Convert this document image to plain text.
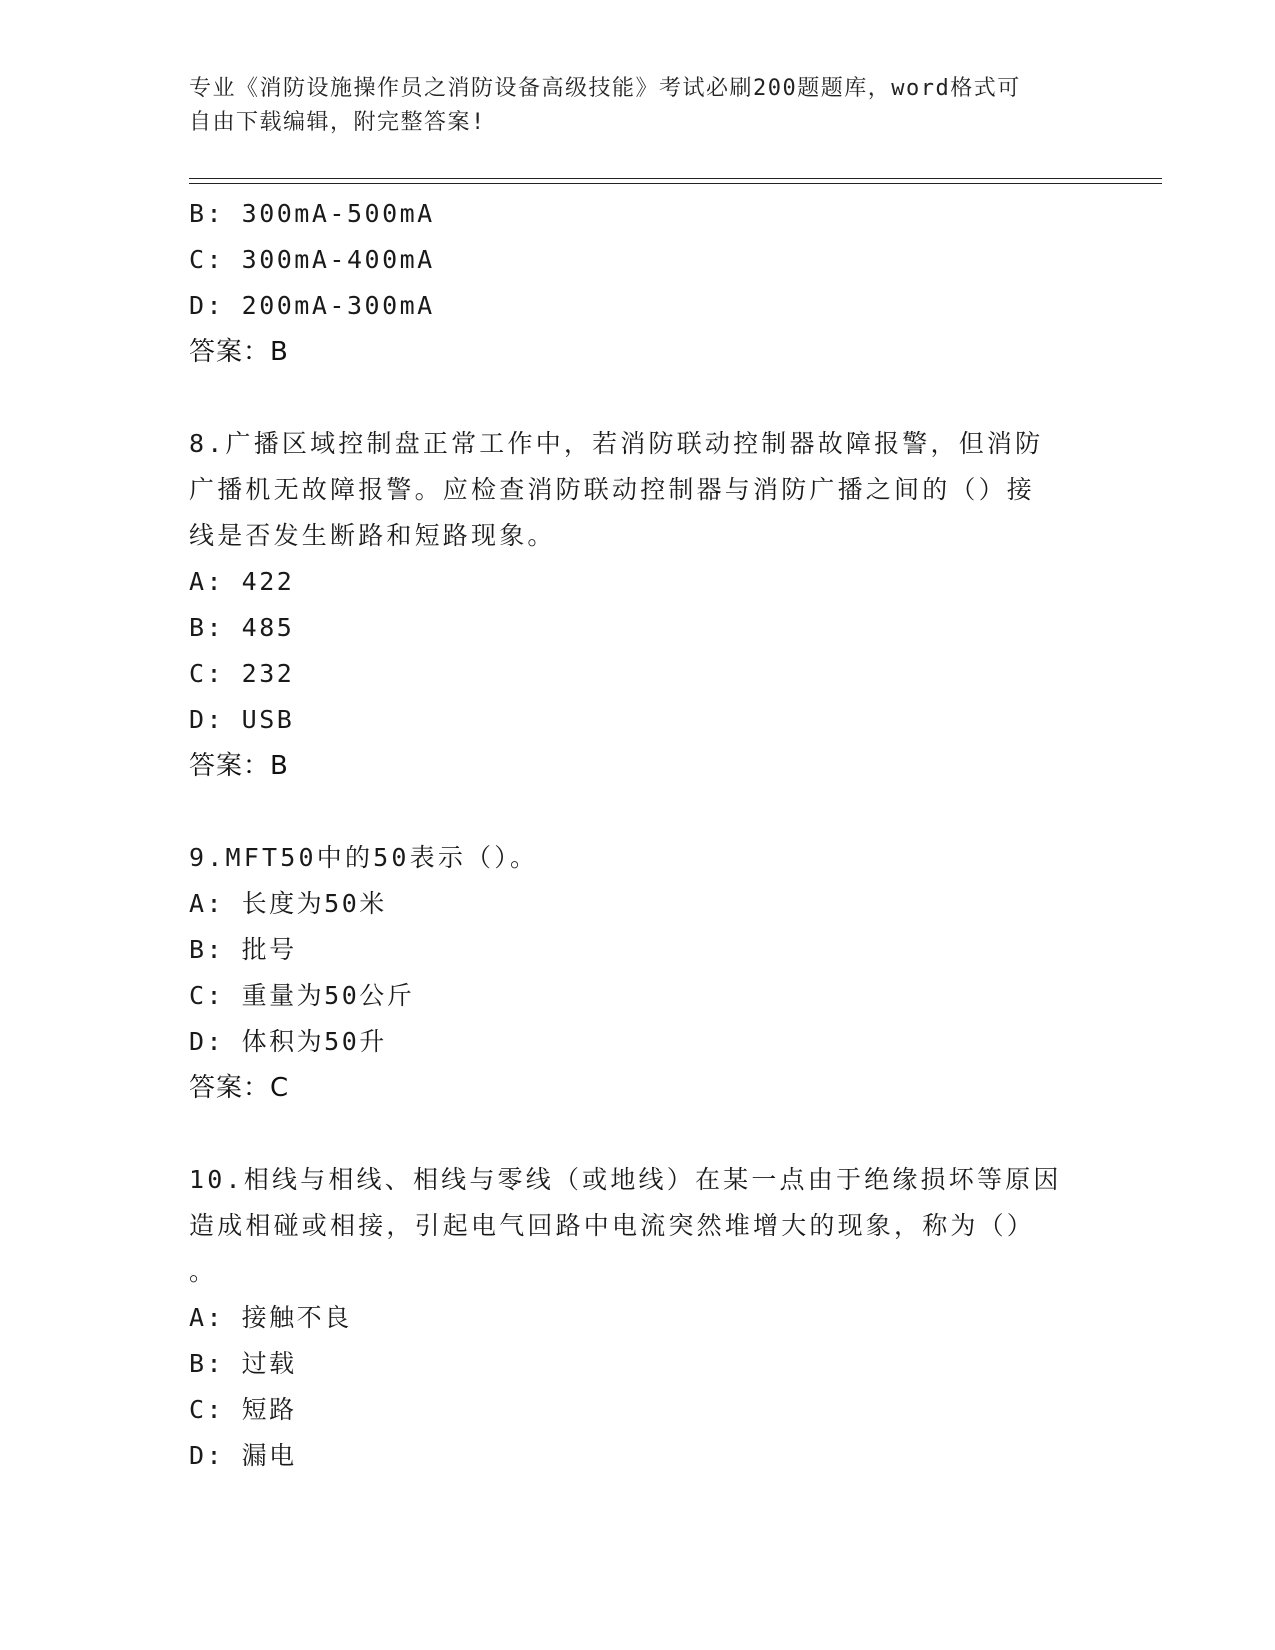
专业《消防设施操作员之消防设备高级技能》考试必刷200题题库，word格式可
自由下载编辑，附完整答案!
B: 300mA-500mA
C: 300mA-400mA
D: 200mA-300mA
答案：B
8.广播区域控制盘正常工作中，若消防联动控制器故障报警，但消防
广播机无故障报警。应检查消防联动控制器与消防广播之间的（）接
线是否发生断路和短路现象。
A: 422
B: 485
C: 232
D: USB
答案：B
9.MFT50中的50表示（）。
A: 长度为50米
B: 批号
C: 重量为50公斤
D: 体积为50升
答案：C
10.相线与相线、相线与零线（或地线）在某一点由于绝缘损坏等原因
造成相碰或相接，引起电气回路中电流突然堆增大的现象，称为（）
。
A: 接触不良
B: 过载
C: 短路
D: 漏电
